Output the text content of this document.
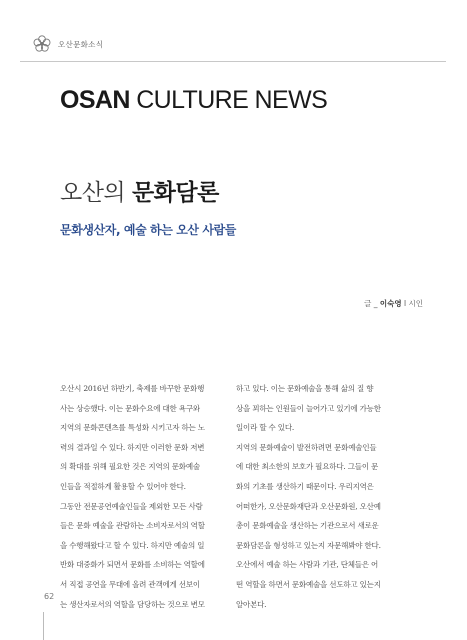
오산문화소식
OSAN CULTURE NEWS
오산의 문화담론
문화생산자, 예술 하는 오산 사람들
글 _ 이숙영 l 시인
오산시 2016년 하반기, 축제를 바꾸한 문화행
사는 상승했다. 이는 문화수요에 대한 욕구와
지역의 문화콘텐츠를 특성화 시키고자 하는 노
력의 결과일 수 있다. 하지만 이러한 문화 저변
의 확대를 위해 필요한 것은 지역의 문화예술
인들을 적절하게 활용할 수 있어야 한다.
그동안 전문공연예술인들을 제외한 모든 사람
들은 문화 예술을 관람하는 소비자로서의 역할
을 수행해왔다고 할 수 있다. 하지만 예술의 일
반화 대중화가 되면서 문화를 소비하는 역할에
서 직접 공연을 무대에 올려 관객에게 선보이
는 생산자로서의 역할을 담당하는 것으로 변모
하고 있다. 이는 문화예술을 통해 삶의 질 향
상을 꾀하는 인원들이 늘어가고 있기에 가능한
일이라 할 수 있다.
지역의 문화예술이 발전하려면 문화예술인들
에 대한 최소한의 보호가 필요하다. 그들이 문
화의 기초를 생산하기 때문이다. 우리지역은
어떠한가, 오산문화재단과 오산문화원, 오산예
총이 문화예술을 생산하는 기관으로서 새로운
문화담론을 형성하고 있는지 자문해봐야 한다.
오산에서 예술 하는 사람과 기관, 단체들은 어
떤 역할을 하면서 문화예술을 선도하고 있는지
알아본다.
62
